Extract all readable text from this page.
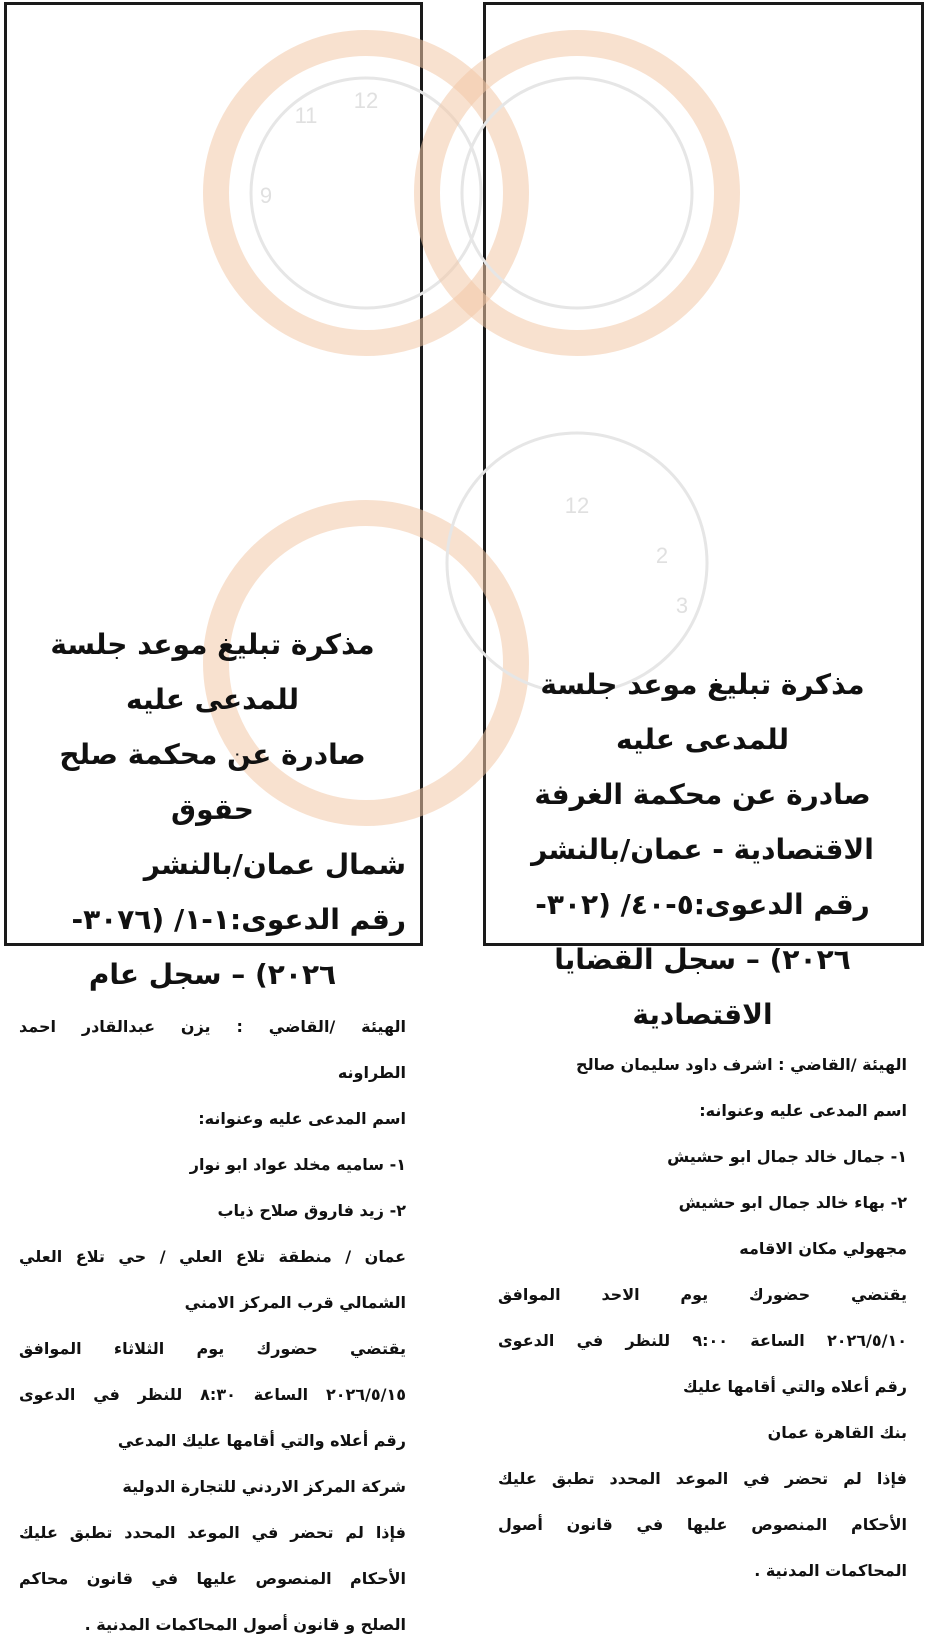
12
11
9

مذكرة تبليغ موعد جلسة

للمدعى عليه

صادرة عن محكمة صلح حقوق

شمال عمان/بالنشر

رقم الدعوى:١-١/ (٣٠٧٦-

٢٠٢٦) – سجل عام

الهيئة /القاضي : يزن عبدالقادر احمد

الطراونه

اسم المدعى عليه وعنوانه:

١- ساميه مخلد عواد ابو نوار

٢- زيد فاروق صلاح ذياب

عمان / منطقة تلاع العلي / حي تلاع العلي

الشمالي قرب المركز الامني

يقتضي حضورك يوم الثلاثاء الموافق

٢٠٢٦/٥/١٥ الساعة ٨:٣٠ للنظر في الدعوى

رقم أعلاه والتي أقامها عليك المدعي

شركة المركز الاردني للتجارة الدولية

فإذا لم تحضر في الموعد المحدد تطبق عليك

الأحكام المنصوص عليها في قانون محاكم

الصلح و قانون أصول المحاكمات المدنية .

12
2
3

مذكرة تبليغ موعد جلسة

للمدعى عليه

صادرة عن محكمة الغرفة

الاقتصادية - عمان/بالنشر

رقم الدعوى:٥-٤٠/ (٣٠٢-

٢٠٢٦) – سجل القضايا

الاقتصادية

الهيئة /القاضي : اشرف داود سليمان صالح

اسم المدعى عليه وعنوانه:

١- جمال خالد جمال ابو حشيش

٢- بهاء خالد جمال ابو حشيش

مجهولي مكان الاقامه

يقتضي حضورك يوم الاحد الموافق

٢٠٢٦/٥/١٠ الساعة ٩:٠٠ للنظر في الدعوى

رقم أعلاه والتي أقامها عليك

بنك القاهرة عمان

فإذا لم تحضر في الموعد المحدد تطبق عليك

الأحكام المنصوص عليها في قانون أصول

المحاكمات المدنية .
